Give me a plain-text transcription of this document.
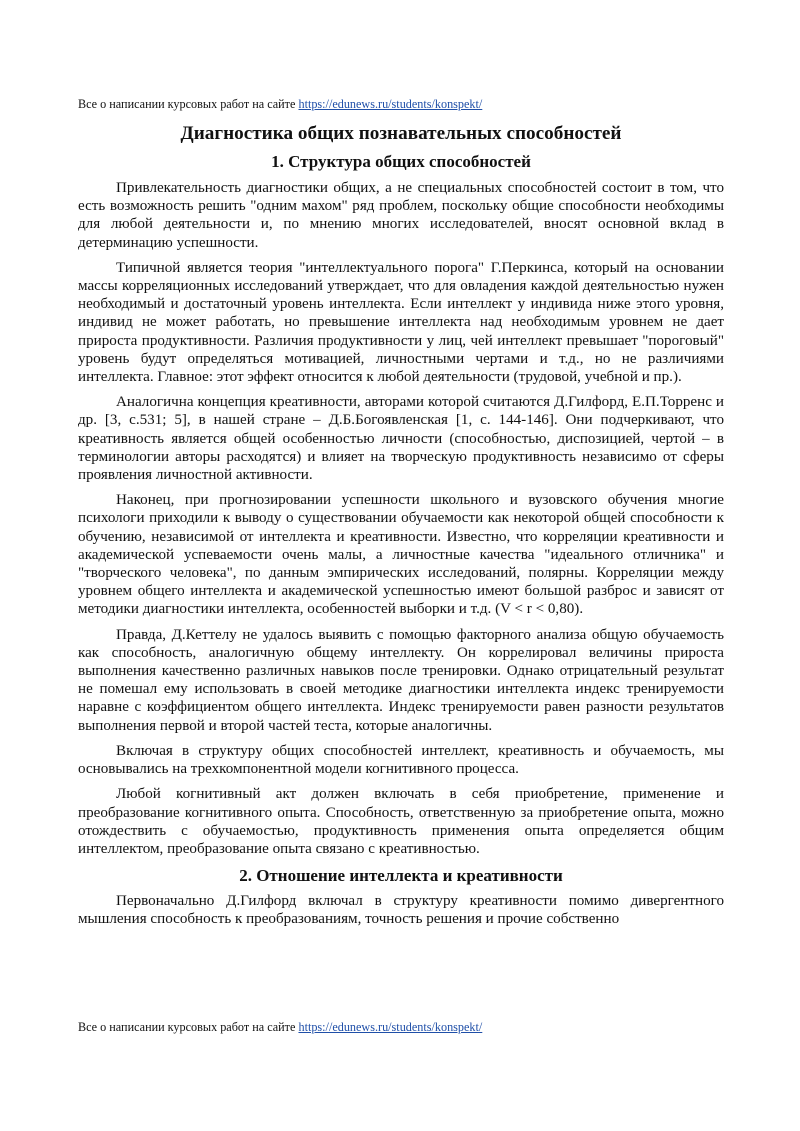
Все о написании курсовых работ на сайте https://edunews.ru/students/konspekt/
Диагностика общих познавательных способностей
1. Структура общих способностей

Привлекательность диагностики общих, а не специальных способностей состоит в том, что есть возможность решить "одним махом" ряд проблем, поскольку общие способности необходимы для любой деятельности и, по мнению многих исследователей, вносят основной вклад в детерминацию успешности.

Типичной является теория "интеллектуального порога" Г.Перкинса, который на основании массы корреляционных исследований утверждает, что для овладения каждой деятельностью нужен необходимый и достаточный уровень интеллекта. Если интеллект у индивида ниже этого уровня, индивид не может работать, но превышение интеллекта над необходимым уровнем не дает прироста продуктивности. Различия продуктивности у лиц, чей интеллект превышает "пороговый" уровень будут определяться мотивацией, личностными чертами и т.д., но не различиями интеллекта. Главное: этот эффект относится к любой деятельности (трудовой, учебной и пр.).

Аналогична концепция креативности, авторами которой считаются Д.Гилфорд, Е.П.Торренс и др. [3, с.531; 5], в нашей стране – Д.Б.Богоявленская [1, с. 144-146]. Они подчеркивают, что креативность является общей особенностью личности (способностью, диспозицией, чертой – в терминологии авторы расходятся) и влияет на творческую продуктивность независимо от сферы проявления личностной активности.

Наконец, при прогнозировании успешности школьного и вузовского обучения многие психологи приходили к выводу о существовании обучаемости как некоторой общей способности к обучению, независимой от интеллекта и креативности. Известно, что корреляции креативности и академической успеваемости очень малы, а личностные качества "идеального отличника" и "творческого человека", по данным эмпирических исследований, полярны. Корреляции между уровнем общего интеллекта и академической успешностью имеют большой разброс и зависят от методики диагностики интеллекта, особенностей выборки и т.д. (V < r < 0,80).

Правда, Д.Кеттелу не удалось выявить с помощью факторного анализа общую обучаемость как способность, аналогичную общему интеллекту. Он коррелировал величины прироста выполнения качественно различных навыков после тренировки. Однако отрицательный результат не помешал ему использовать в своей методике диагностики интеллекта индекс тренируемости наравне с коэффициентом общего интеллекта. Индекс тренируемости равен разности результатов выполнения первой и второй частей теста, которые аналогичны.

Включая в структуру общих способностей интеллект, креативность и обучаемость, мы основывались на трехкомпонентной модели когнитивного процесса.

Любой когнитивный акт должен включать в себя приобретение, применение и преобразование когнитивного опыта. Способность, ответственную за приобретение опыта, можно отождествить с обучаемостью, продуктивность применения опыта определяется общим интеллектом, преобразование опыта связано с креативностью.

2. Отношение интеллекта и креативности

Первоначально Д.Гилфорд включал в структуру креативности помимо дивергентного мышления способность к преобразованиям, точность решения и прочие собственно

Все о написании курсовых работ на сайте https://edunews.ru/students/konspekt/
